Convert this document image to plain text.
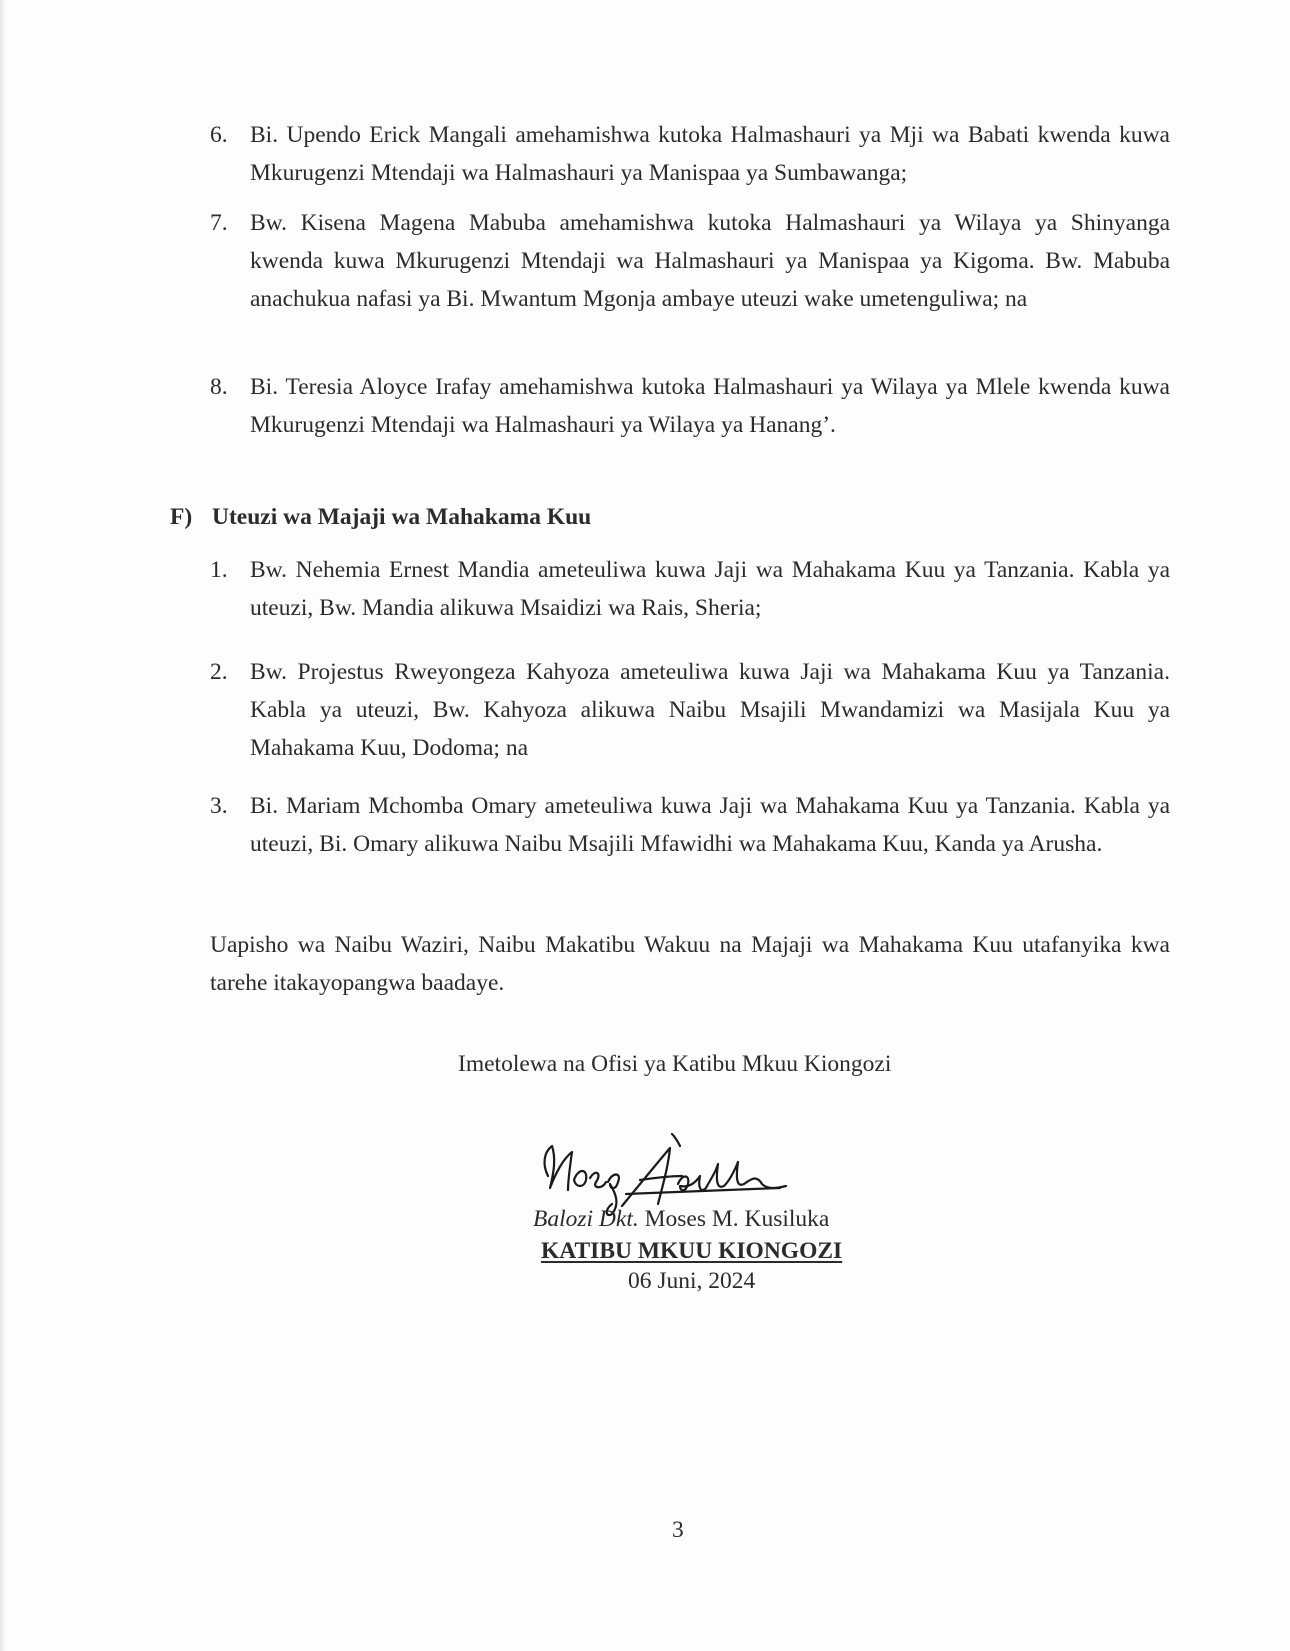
6. Bi. Upendo Erick Mangali amehamishwa kutoka Halmashauri ya Mji wa Babati kwenda kuwa Mkurugenzi Mtendaji wa Halmashauri ya Manispaa ya Sumbawanga;
7. Bw. Kisena Magena Mabuba amehamishwa kutoka Halmashauri ya Wilaya ya Shinyanga kwenda kuwa Mkurugenzi Mtendaji wa Halmashauri ya Manispaa ya Kigoma. Bw. Mabuba anachukua nafasi ya Bi. Mwantum Mgonja ambaye uteuzi wake umetenguliwa; na
8. Bi. Teresia Aloyce Irafay amehamishwa kutoka Halmashauri ya Wilaya ya Mlele kwenda kuwa Mkurugenzi Mtendaji wa Halmashauri ya Wilaya ya Hanang’.
F) Uteuzi wa Majaji wa Mahakama Kuu
1. Bw. Nehemia Ernest Mandia ameteuliwa kuwa Jaji wa Mahakama Kuu ya Tanzania. Kabla ya uteuzi, Bw. Mandia alikuwa Msaidizi wa Rais, Sheria;
2. Bw. Projestus Rweyongeza Kahyoza ameteuliwa kuwa Jaji wa Mahakama Kuu ya Tanzania. Kabla ya uteuzi, Bw. Kahyoza alikuwa Naibu Msajili Mwandamizi wa Masijala Kuu ya Mahakama Kuu, Dodoma; na
3. Bi. Mariam Mchomba Omary ameteuliwa kuwa Jaji wa Mahakama Kuu ya Tanzania. Kabla ya uteuzi, Bi. Omary alikuwa Naibu Msajili Mfawidhi wa Mahakama Kuu, Kanda ya Arusha.
Uapisho wa Naibu Waziri, Naibu Makatibu Wakuu na Majaji wa Mahakama Kuu utafanyika kwa tarehe itakayopangwa baadaye.
Imetolewa na Ofisi ya Katibu Mkuu Kiongozi
Balozi Dkt. Moses M. Kusiluka
KATIBU MKUU KIONGOZI
06 Juni, 2024
3
